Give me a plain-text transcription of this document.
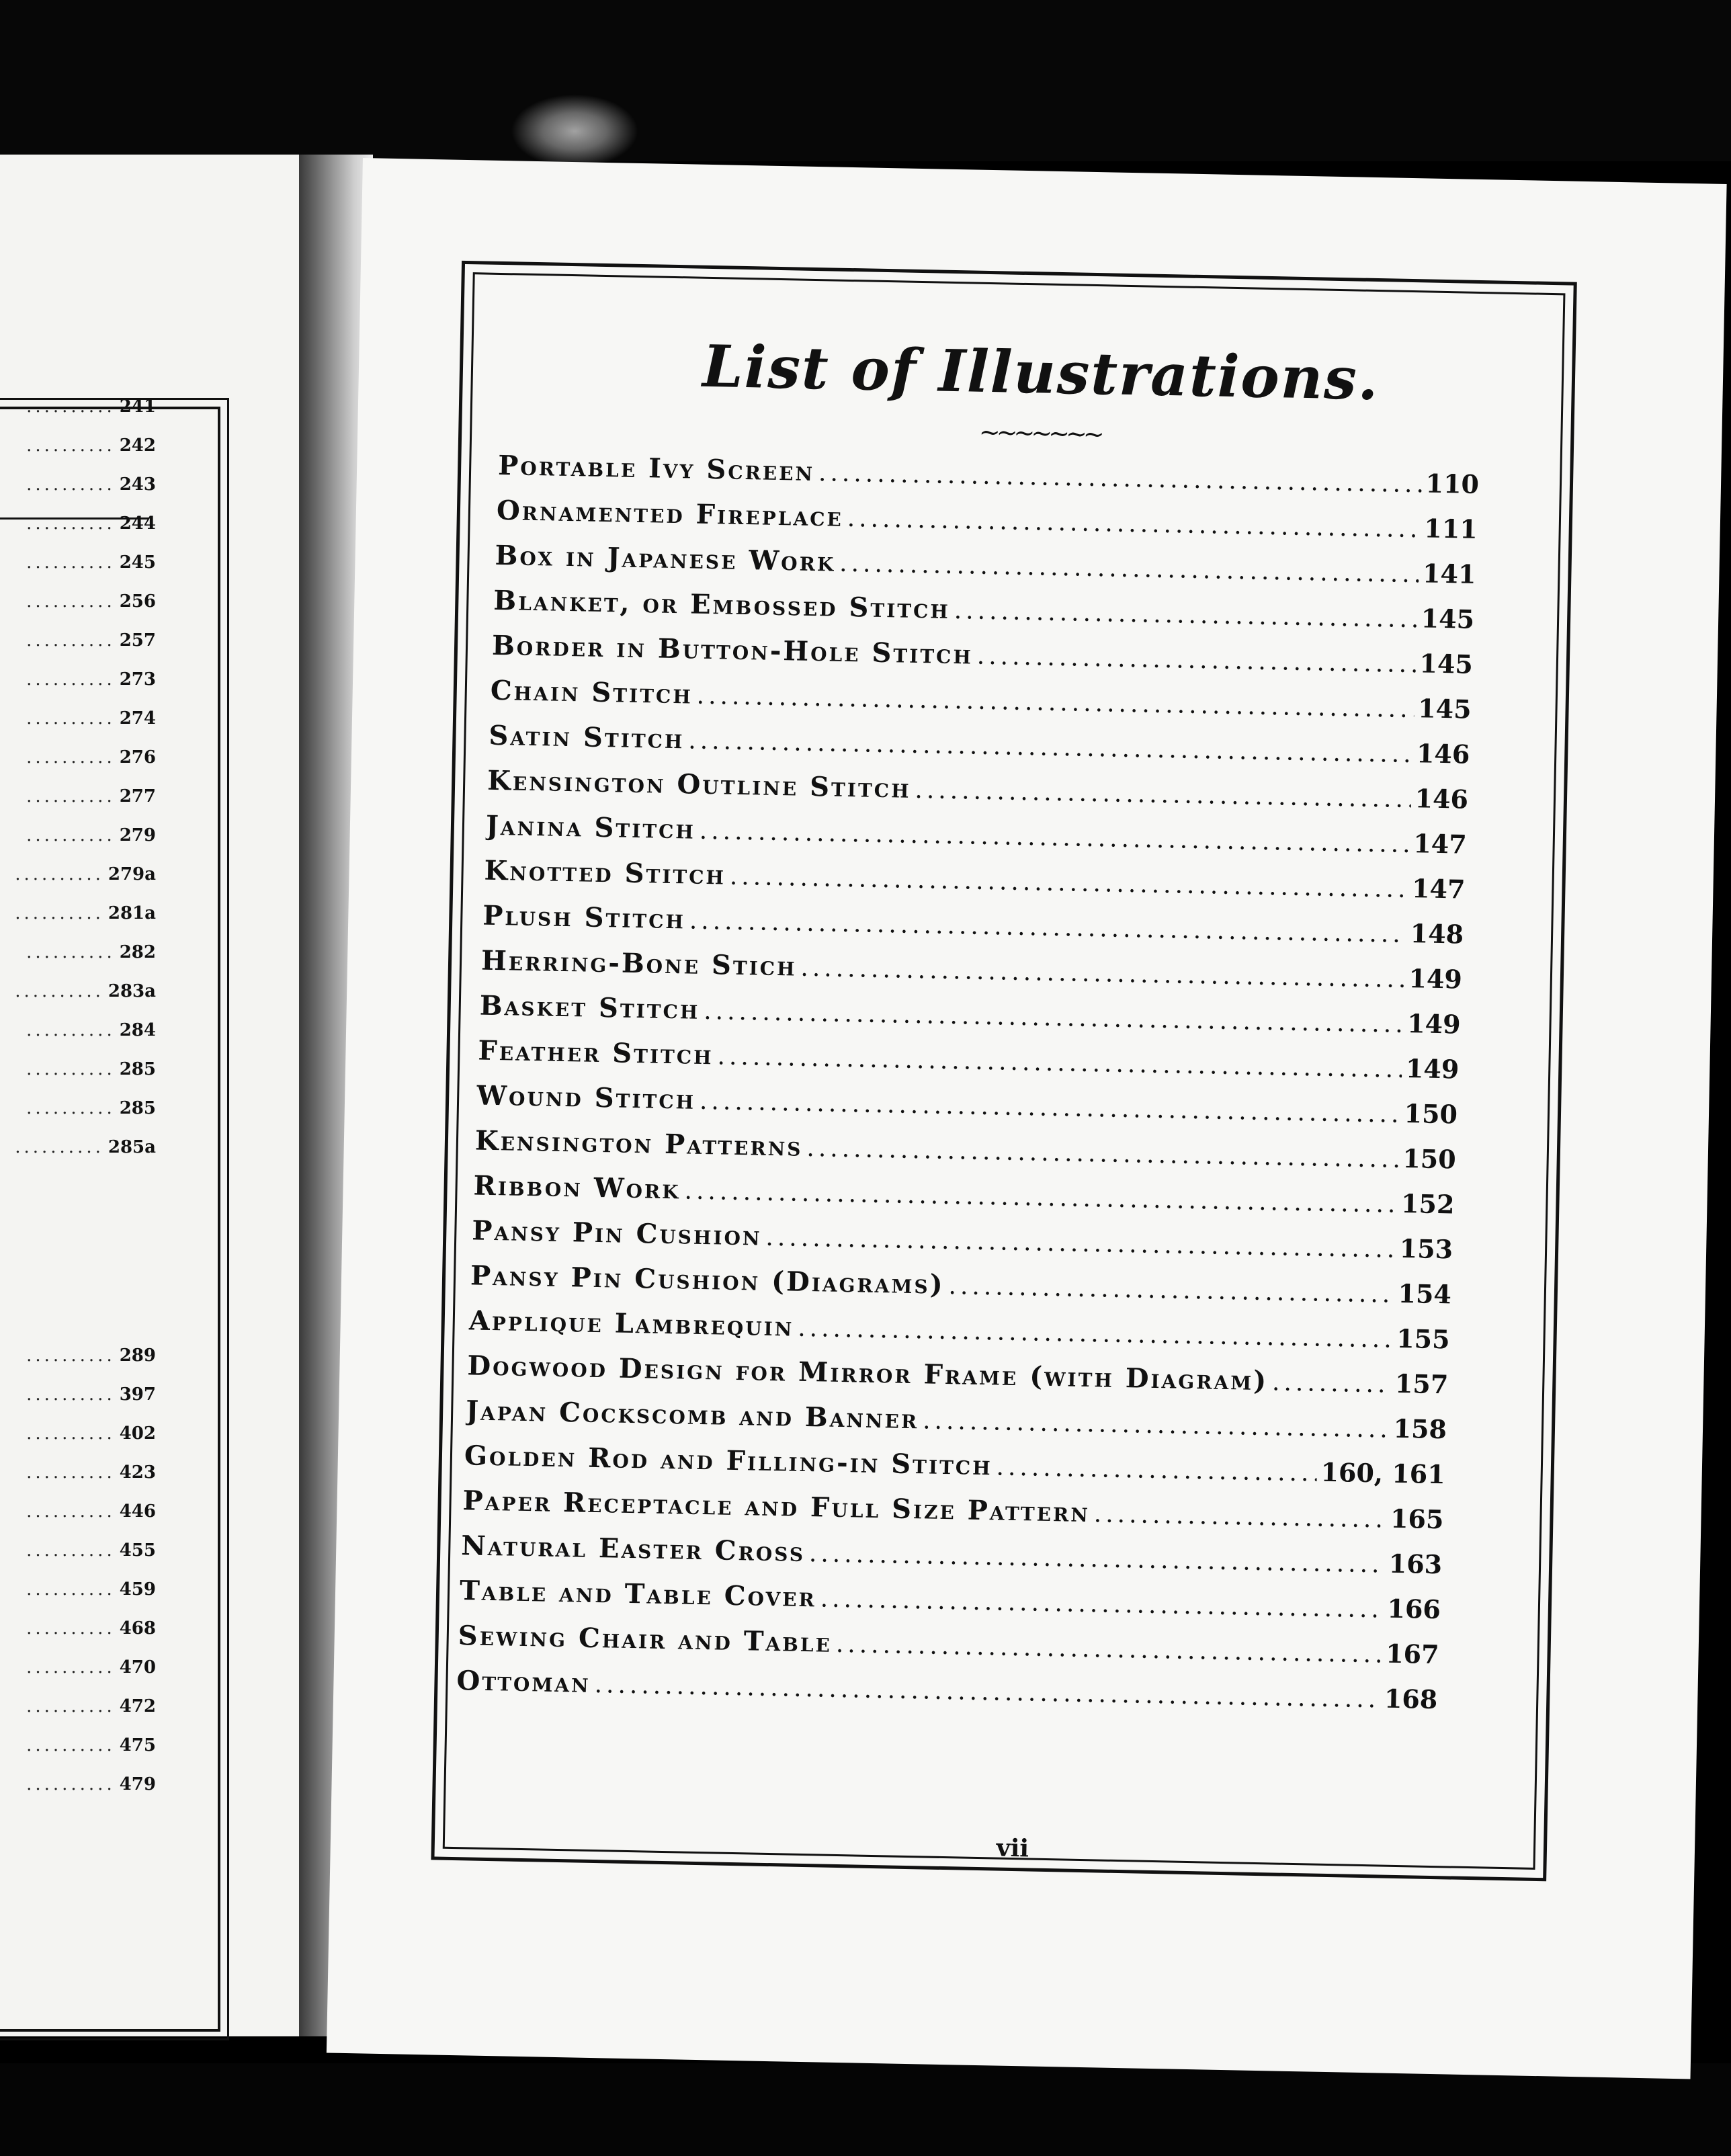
.......... 241
.......... 242
.......... 243
.......... 244
.......... 245
.......... 256
.......... 257
.......... 273
.......... 274
.......... 276
.......... 277
.......... 279
.......... 279a
.......... 281a
.......... 282
.......... 283a
.......... 284
.......... 285
.......... 285
.......... 285a
.......... 289
.......... 397
.......... 402
.......... 423
.......... 446
.......... 455
.......... 459
.......... 468
.......... 470
.......... 472
.......... 475
.......... 479
List of Illustrations.
~~~~~~~
Portable Ivy Screen .....	110
Ornamented Fireplace .....	111
Box in Japanese Work .....	141
Blanket, or Embossed Stitch .....	145
Border in Button-Hole Stitch .....	145
Chain Stitch .....	145
Satin Stitch .....	146
Kensington Outline Stitch .....	146
Janina Stitch .....	147
Knotted Stitch .....	147
Plush Stitch .....	148
Herring-Bone Stich .....	149
Basket Stitch .....	149
Feather Stitch .....	149
Wound Stitch .....	150
Kensington Patterns .....	150
Ribbon Work .....	152
Pansy Pin Cushion .....	153
Pansy Pin Cushion (Diagrams) .....	154
Applique Lambrequin .....	155
Dogwood Design for Mirror Frame (with Diagram) .....	157
Japan Cockscomb and Banner .....	158
Golden Rod and Filling-in Stitch .....	160, 161
Paper Receptacle and Full Size Pattern .....	165
Natural Easter Cross .....	163
Table and Table Cover .....	166
Sewing Chair and Table .....	167
Ottoman .....	168
vii
